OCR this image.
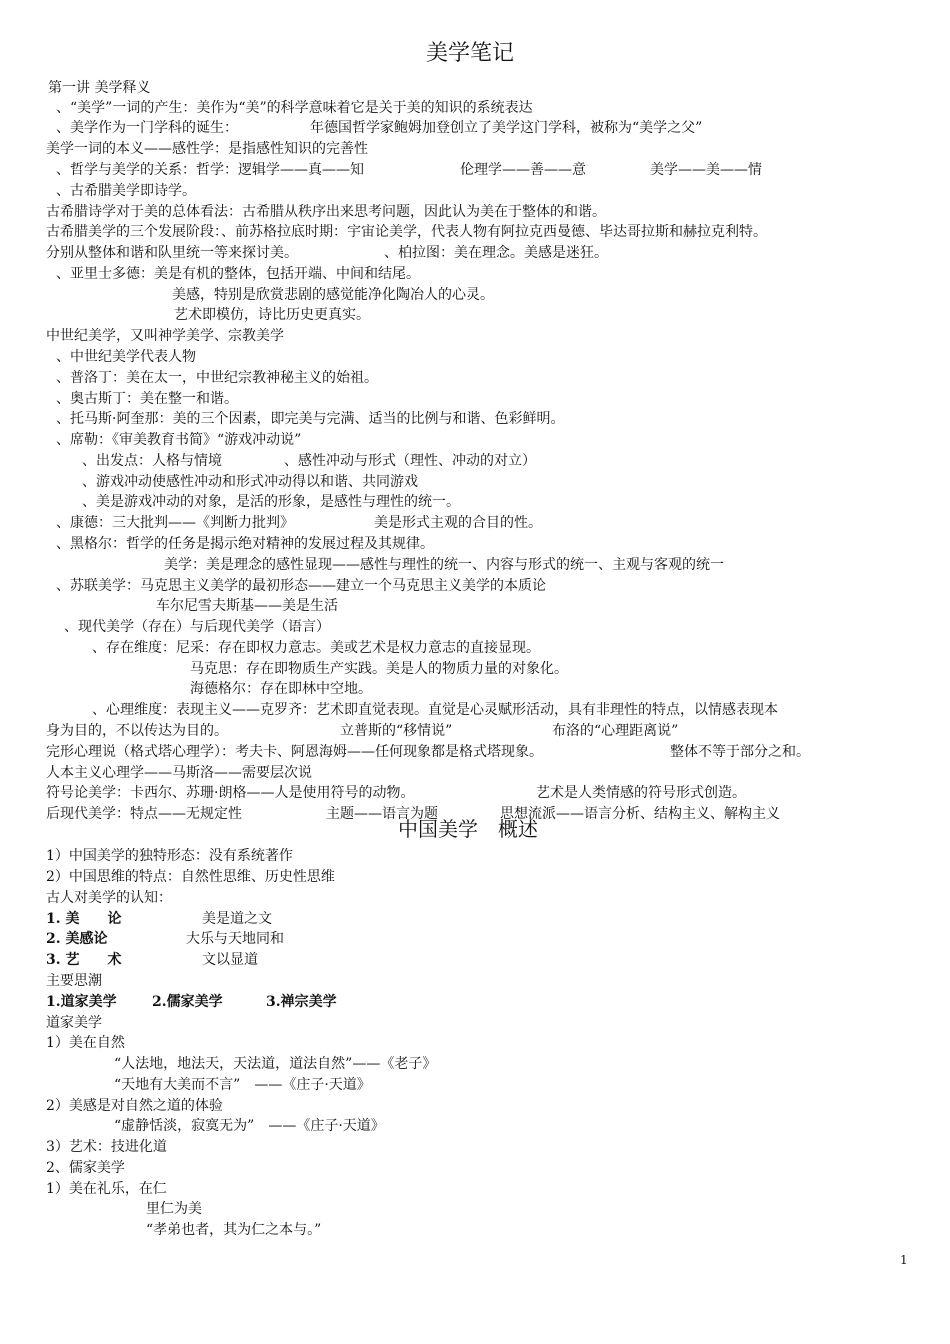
美学笔记
中国美学　概述
第一讲 美学释义
、“美学”一词的产生：美作为“美”的科学意味着它是关于美的知识的系统表达
、美学作为一门学科的诞生：	年德国哲学家鲍姆加登创立了美学这门学科，被称为“美学之父”
美学一词的本义——感性学：是指感性知识的完善性
、哲学与美学的关系：哲学：逻辑学——真——知	伦理学——善——意	美学——美——情
、古希腊美学即诗学。
古希腊诗学对于美的总体看法：古希腊从秩序出来思考问题，因此认为美在于整体的和谐。
古希腊美学的三个发展阶段：、前苏格拉底时期：宇宙论美学，代表人物有阿拉克西曼德、毕达哥拉斯和赫拉克利特。
分别从整体和谐和队里统一等来探讨美。	、柏拉图：美在理念。美感是迷狂。
、亚里士多德：美是有机的整体，包括开端、中间和结尾。
美感，特别是欣赏悲剧的感觉能净化陶冶人的心灵。
艺术即模仿，诗比历史更真实。
中世纪美学，又叫神学美学、宗教美学
、中世纪美学代表人物
、普洛丁：美在太一，中世纪宗教神秘主义的始祖。
、奥古斯丁：美在整一和谐。
、托马斯·阿奎那：美的三个因素，即完美与完满、适当的比例与和谐、色彩鲜明。
、席勒：《审美教育书简》“游戏冲动说”
、出发点：人格与情境	、感性冲动与形式（理性、冲动的对立）
、游戏冲动使感性冲动和形式冲动得以和谐、共同游戏
、美是游戏冲动的对象，是活的形象，是感性与理性的统一。
、康德：三大批判——《判断力批判》	美是形式主观的合目的性。
、黑格尔：哲学的任务是揭示绝对精神的发展过程及其规律。
美学：美是理念的感性显现——感性与理性的统一、内容与形式的统一、主观与客观的统一
、苏联美学：马克思主义美学的最初形态——建立一个马克思主义美学的本质论
车尔尼雪夫斯基——美是生活
、现代美学（存在）与后现代美学（语言）
、存在维度：尼采：存在即权力意志。美或艺术是权力意志的直接显现。
马克思：存在即物质生产实践。美是人的物质力量的对象化。
海德格尔：存在即林中空地。
、心理维度：表现主义——克罗齐：艺术即直觉表现。直觉是心灵赋形活动，具有非理性的特点，以情感表现本
身为目的，不以传达为目的。	立普斯的“移情说”	布洛的“心理距离说”
完形心理说（格式塔心理学）：考夫卡、阿恩海姆——任何现象都是格式塔现象。	整体不等于部分之和。
人本主义心理学——马斯洛——需要层次说
符号论美学：卡西尔、苏珊·朗格——人是使用符号的动物。	艺术是人类情感的符号形式创造。
后现代美学：特点——无规定性	主题——语言为题	思想流派——语言分析、结构主义、解构主义
1）中国美学的独特形态：没有系统著作
2）中国思维的特点：自然性思维、历史性思维
古人对美学的认知：
1. 美　　论	美是道之文
2. 美感论	大乐与天地同和
3. 艺　　术	文以显道
主要思潮
1.道家美学	2.儒家美学	3.禅宗美学
道家美学
1）美在自然
“人法地，地法天，天法道，道法自然”——《老子》
“天地有大美而不言”　——《庄子·天道》
2）美感是对自然之道的体验
“虚静恬淡，寂寞无为”　——《庄子·天道》
3）艺术：技进化道
2、儒家美学
1）美在礼乐，在仁
里仁为美
“孝弟也者，其为仁之本与。”
1
